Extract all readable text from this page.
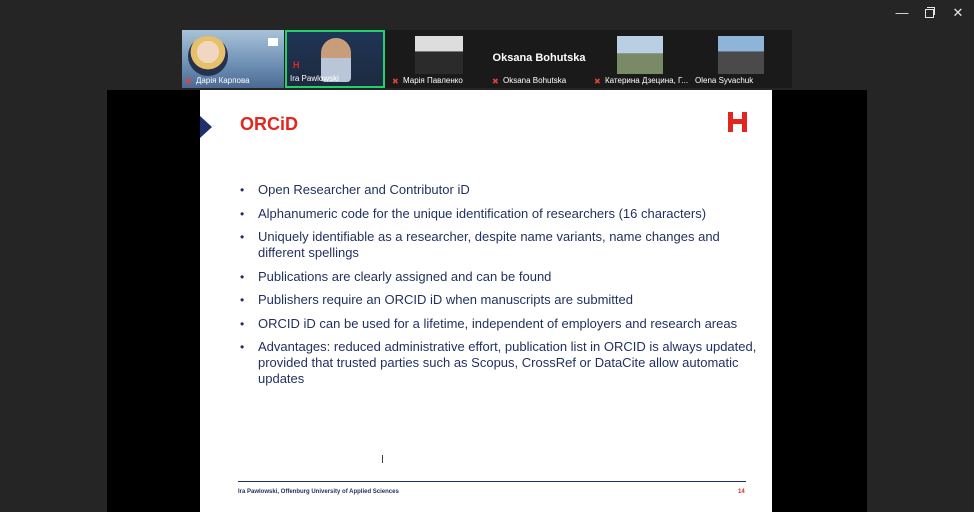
—	✕
✖ Дарія Карпова
H
Ira Pawlowski	✖ Марія Павленко
Oksana Bohutska
✖ Oksana Bohutska	✖ Катерина Дзецина, Г... Olena Syvachuk
ORCiD
• Open Researcher and Contributor iD
• Alphanumeric code for the unique identification of researchers (16 characters)
• Uniquely identifiable as a researcher, despite name variants, name changes and different spellings
• Publications are clearly assigned and can be found
• Publishers require an ORCID iD when manuscripts are submitted
• ORCID iD can be used for a lifetime, independent of employers and research areas
• Advantages: reduced administrative effort, publication list in ORCID is always updated, provided that trusted parties such as Scopus, CrossRef or DataCite allow automatic updates
Ira Pawlowski, Offenburg University of Applied Sciences	14
